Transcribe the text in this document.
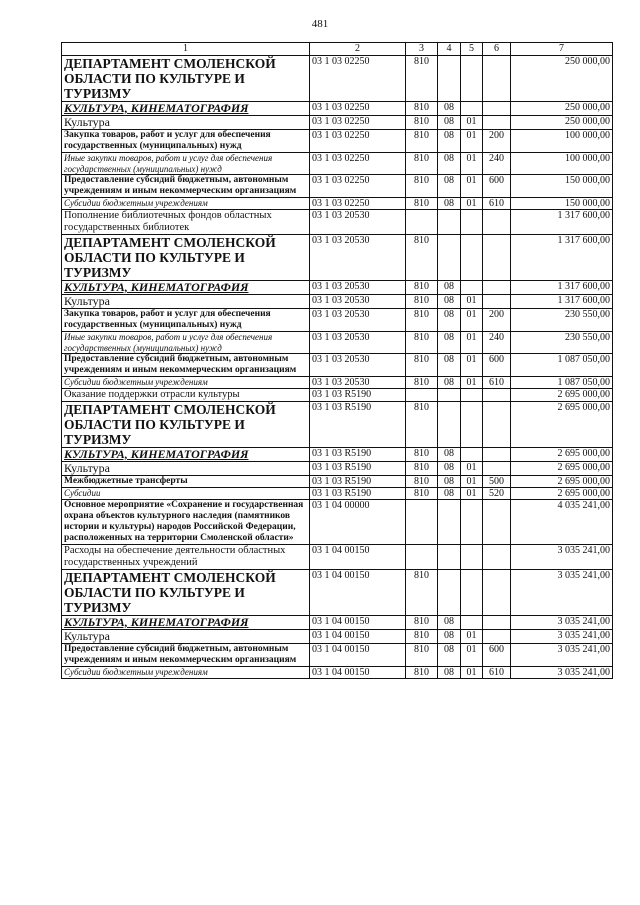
481
1	2	3	4	5	6	7
ДЕПАРТАМЕНТ СМОЛЕНСКОЙ ОБЛАСТИ ПО КУЛЬТУРЕ И ТУРИЗМУ	03 1 03 02250	810				250 000,00
КУЛЬТУРА, КИНЕМАТОГРАФИЯ	03 1 03 02250	810	08			250 000,00
Культура	03 1 03 02250	810	08	01		250 000,00
Закупка товаров, работ и услуг для обеспечения государственных (муниципальных) нужд	03 1 03 02250	810	08	01	200	100 000,00
Иные закупки товаров, работ и услуг для обеспечения государственных (муниципальных) нужд	03 1 03 02250	810	08	01	240	100 000,00
Предоставление субсидий бюджетным, автономным учреждениям и иным некоммерческим организациям	03 1 03 02250	810	08	01	600	150 000,00
Субсидии бюджетным учреждениям	03 1 03 02250	810	08	01	610	150 000,00
Пополнение библиотечных фондов областных государственных библиотек	03 1 03 20530					1 317 600,00
ДЕПАРТАМЕНТ СМОЛЕНСКОЙ ОБЛАСТИ ПО КУЛЬТУРЕ И ТУРИЗМУ	03 1 03 20530	810				1 317 600,00
КУЛЬТУРА, КИНЕМАТОГРАФИЯ	03 1 03 20530	810	08			1 317 600,00
Культура	03 1 03 20530	810	08	01		1 317 600,00
Закупка товаров, работ и услуг для обеспечения государственных (муниципальных) нужд	03 1 03 20530	810	08	01	200	230 550,00
Иные закупки товаров, работ и услуг для обеспечения государственных (муниципальных) нужд	03 1 03 20530	810	08	01	240	230 550,00
Предоставление субсидий бюджетным, автономным учреждениям и иным некоммерческим организациям	03 1 03 20530	810	08	01	600	1 087 050,00
Субсидии бюджетным учреждениям	03 1 03 20530	810	08	01	610	1 087 050,00
Оказание поддержки отрасли культуры	03 1 03 R5190					2 695 000,00
ДЕПАРТАМЕНТ СМОЛЕНСКОЙ ОБЛАСТИ ПО КУЛЬТУРЕ И ТУРИЗМУ	03 1 03 R5190	810				2 695 000,00
КУЛЬТУРА, КИНЕМАТОГРАФИЯ	03 1 03 R5190	810	08			2 695 000,00
Культура	03 1 03 R5190	810	08	01		2 695 000,00
Межбюджетные трансферты	03 1 03 R5190	810	08	01	500	2 695 000,00
Субсидии	03 1 03 R5190	810	08	01	520	2 695 000,00
Основное мероприятие «Сохранение и государственная охрана объектов культурного наследия (памятников истории и культуры) народов Российской Федерации, расположенных на территории Смоленской области»	03 1 04 00000					4 035 241,00
Расходы на обеспечение деятельности областных государственных учреждений	03 1 04 00150					3 035 241,00
ДЕПАРТАМЕНТ СМОЛЕНСКОЙ ОБЛАСТИ ПО КУЛЬТУРЕ И ТУРИЗМУ	03 1 04 00150	810				3 035 241,00
КУЛЬТУРА, КИНЕМАТОГРАФИЯ	03 1 04 00150	810	08			3 035 241,00
Культура	03 1 04 00150	810	08	01		3 035 241,00
Предоставление субсидий бюджетным, автономным учреждениям и иным некоммерческим организациям	03 1 04 00150	810	08	01	600	3 035 241,00
Субсидии бюджетным учреждениям	03 1 04 00150	810	08	01	610	3 035 241,00
